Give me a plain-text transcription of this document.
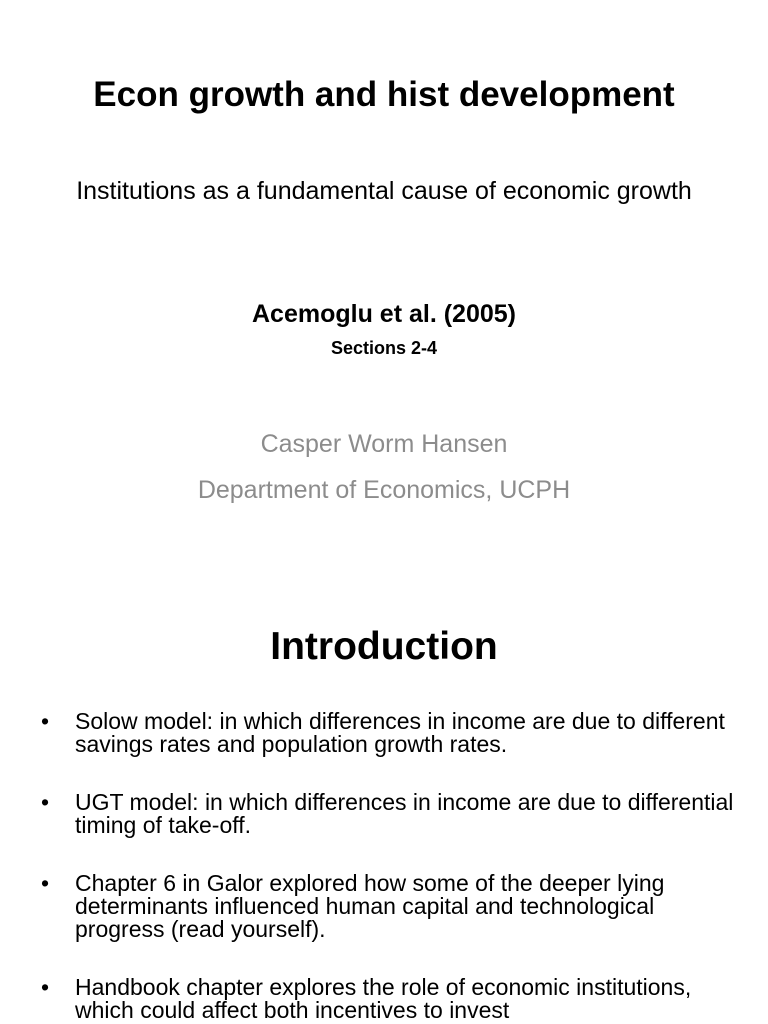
Econ growth and hist development
Institutions as a fundamental cause of economic growth
Acemoglu et al. (2005)
Sections 2-4
Casper Worm Hansen
Department of Economics, UCPH
Introduction
• Solow model: in which differences in income are due to different savings rates and population growth rates.
• UGT model: in which differences in income are due to differential timing of take-off.
• Chapter 6 in Galor explored how some of the deeper lying determinants influenced human capital and technological progress (read yourself).
• Handbook chapter explores the role of economic institutions, which could affect both incentives to invest
